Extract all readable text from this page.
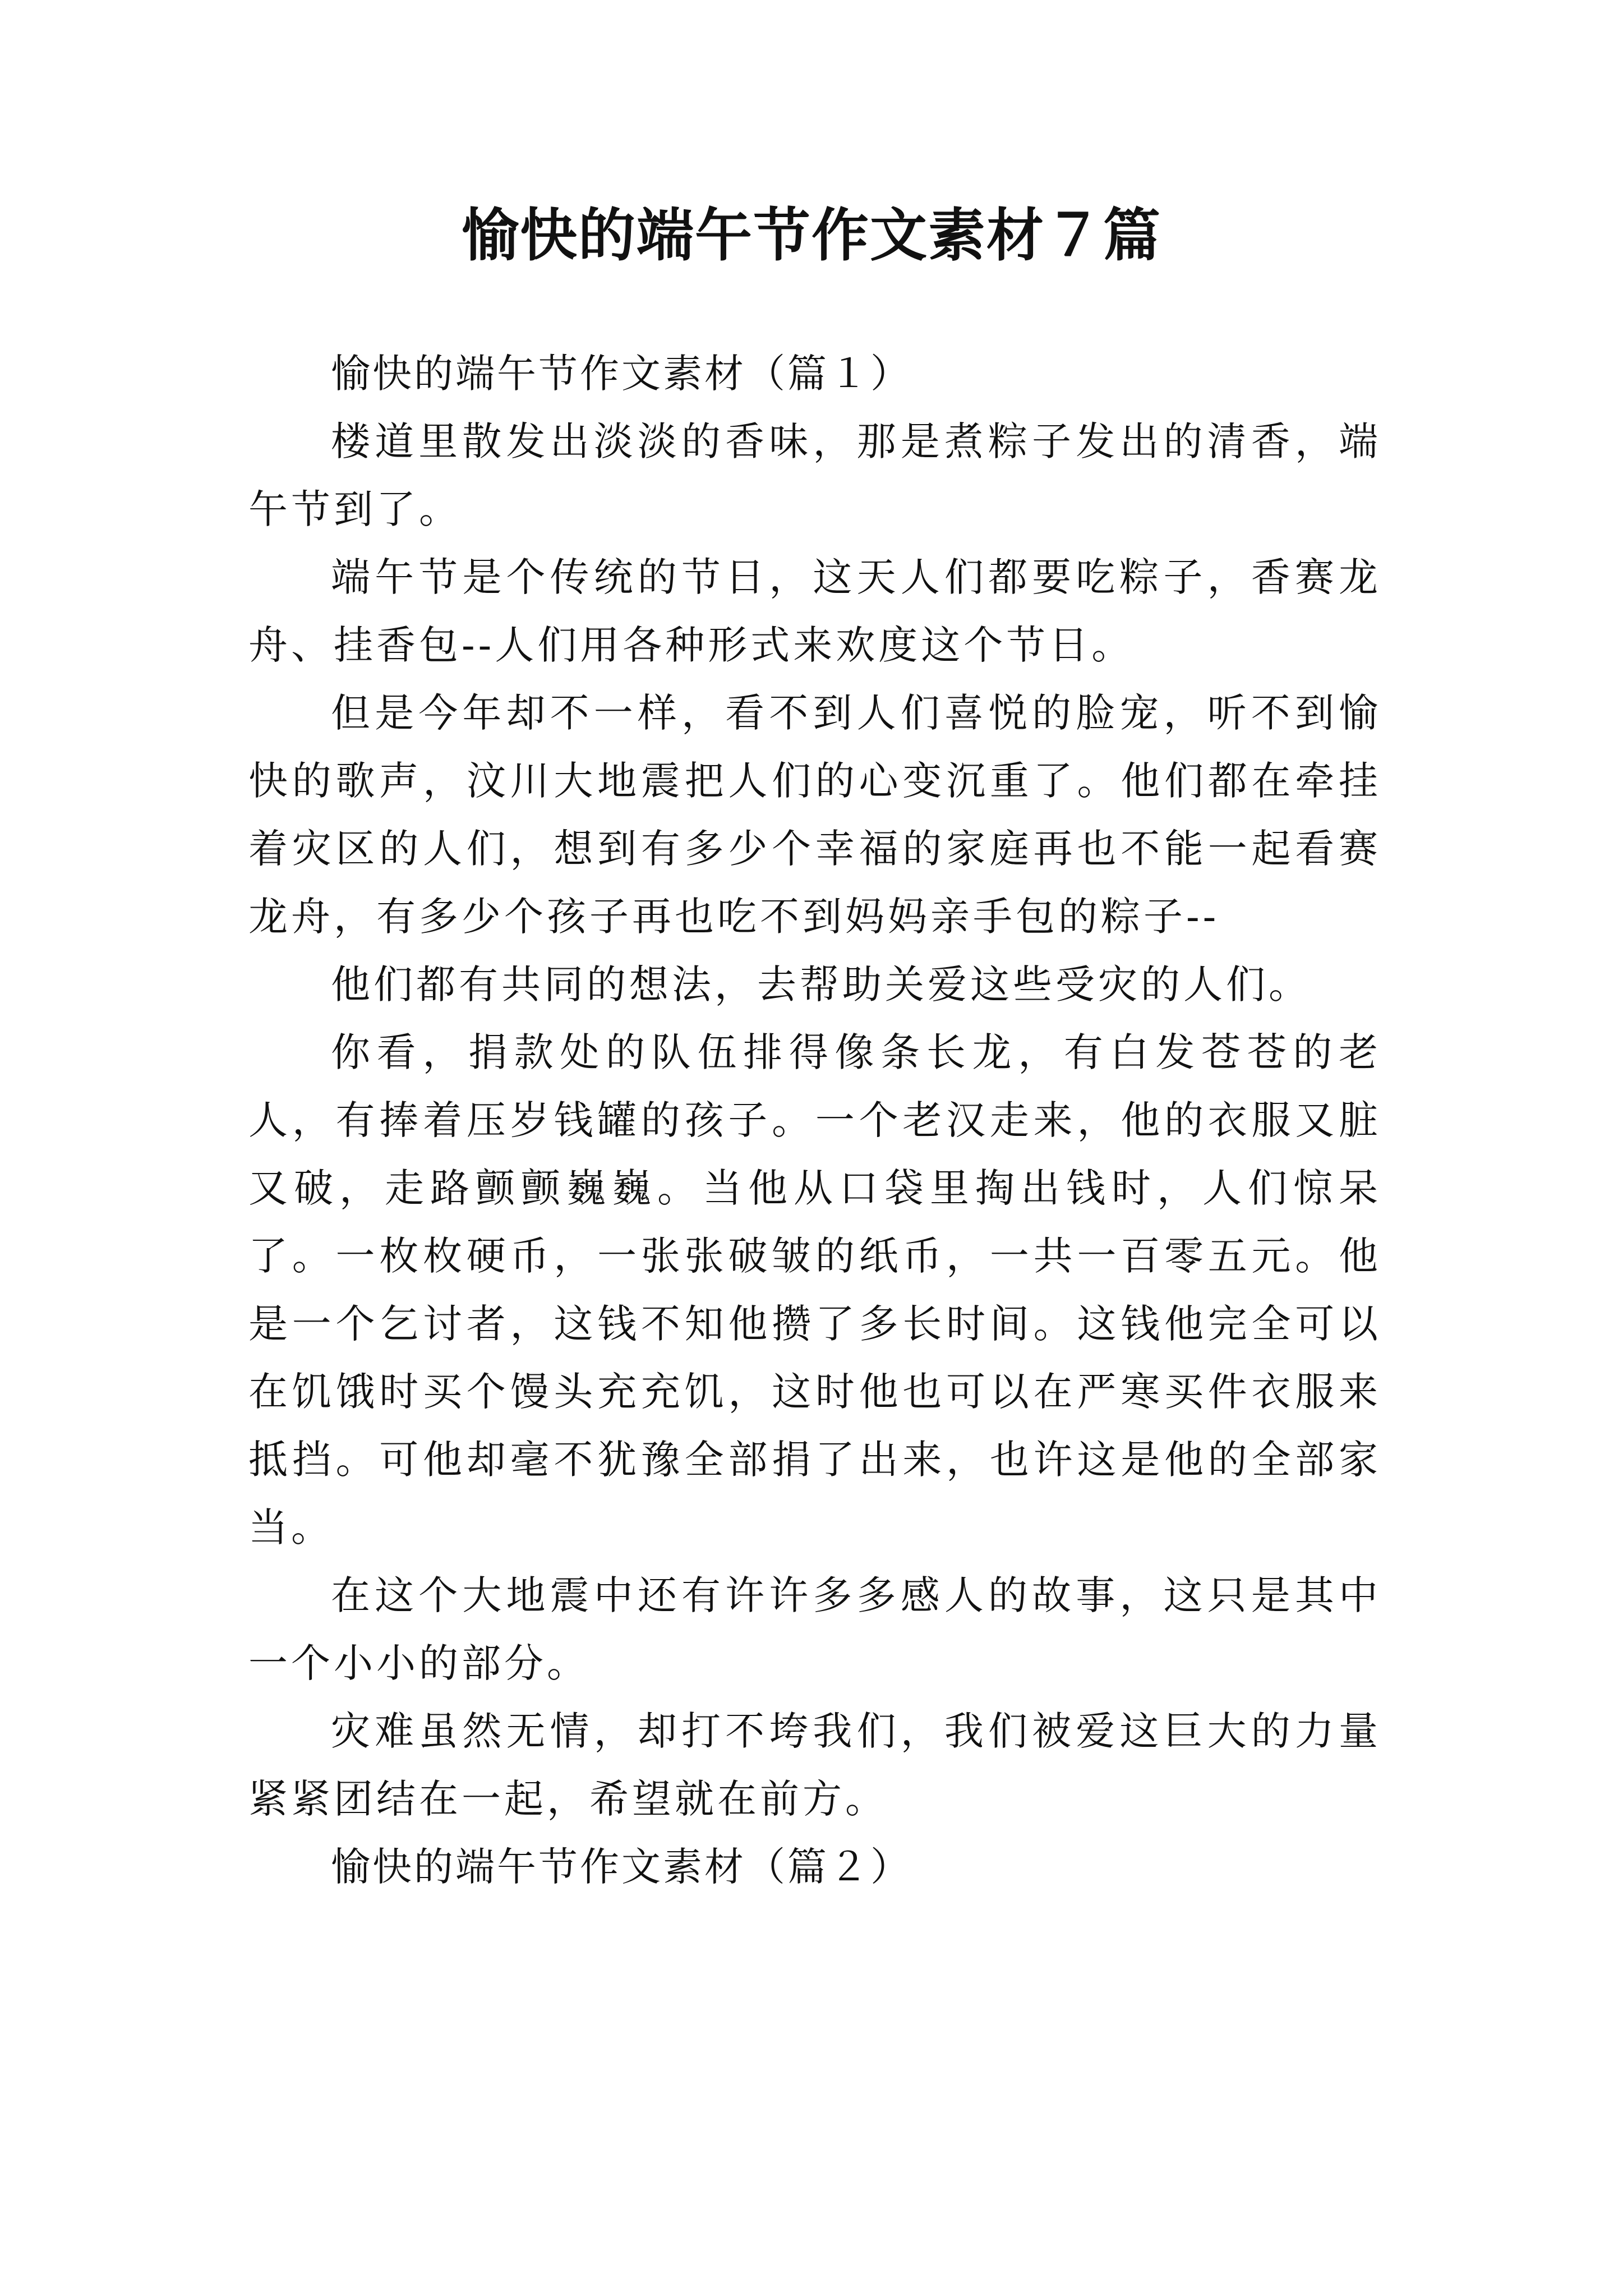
愉快的端午节作文素材７篇

愉快的端午节作文素材（篇１）

楼道里散发出淡淡的香味，那是煮粽子发出的清香，端午节到了。

端午节是个传统的节日，这天人们都要吃粽子，香赛龙舟、挂香包--人们用各种形式来欢度这个节日。

但是今年却不一样，看不到人们喜悦的脸宠，听不到愉快的歌声，汶川大地震把人们的心变沉重了。他们都在牵挂着灾区的人们，想到有多少个幸福的家庭再也不能一起看赛龙舟，有多少个孩子再也吃不到妈妈亲手包的粽子--

他们都有共同的想法，去帮助关爱这些受灾的人们。

你看，捐款处的队伍排得像条长龙，有白发苍苍的老人，有捧着压岁钱罐的孩子。一个老汉走来，他的衣服又脏又破，走路颤颤巍巍。当他从口袋里掏出钱时，人们惊呆了。一枚枚硬币，一张张破皱的纸币，一共一百零五元。他是一个乞讨者，这钱不知他攒了多长时间。这钱他完全可以在饥饿时买个馒头充充饥，这时他也可以在严寒买件衣服来抵挡。可他却毫不犹豫全部捐了出来，也许这是他的全部家当。

在这个大地震中还有许许多多感人的故事，这只是其中一个小小的部分。

灾难虽然无情，却打不垮我们，我们被爱这巨大的力量紧紧团结在一起，希望就在前方。

愉快的端午节作文素材（篇２）
